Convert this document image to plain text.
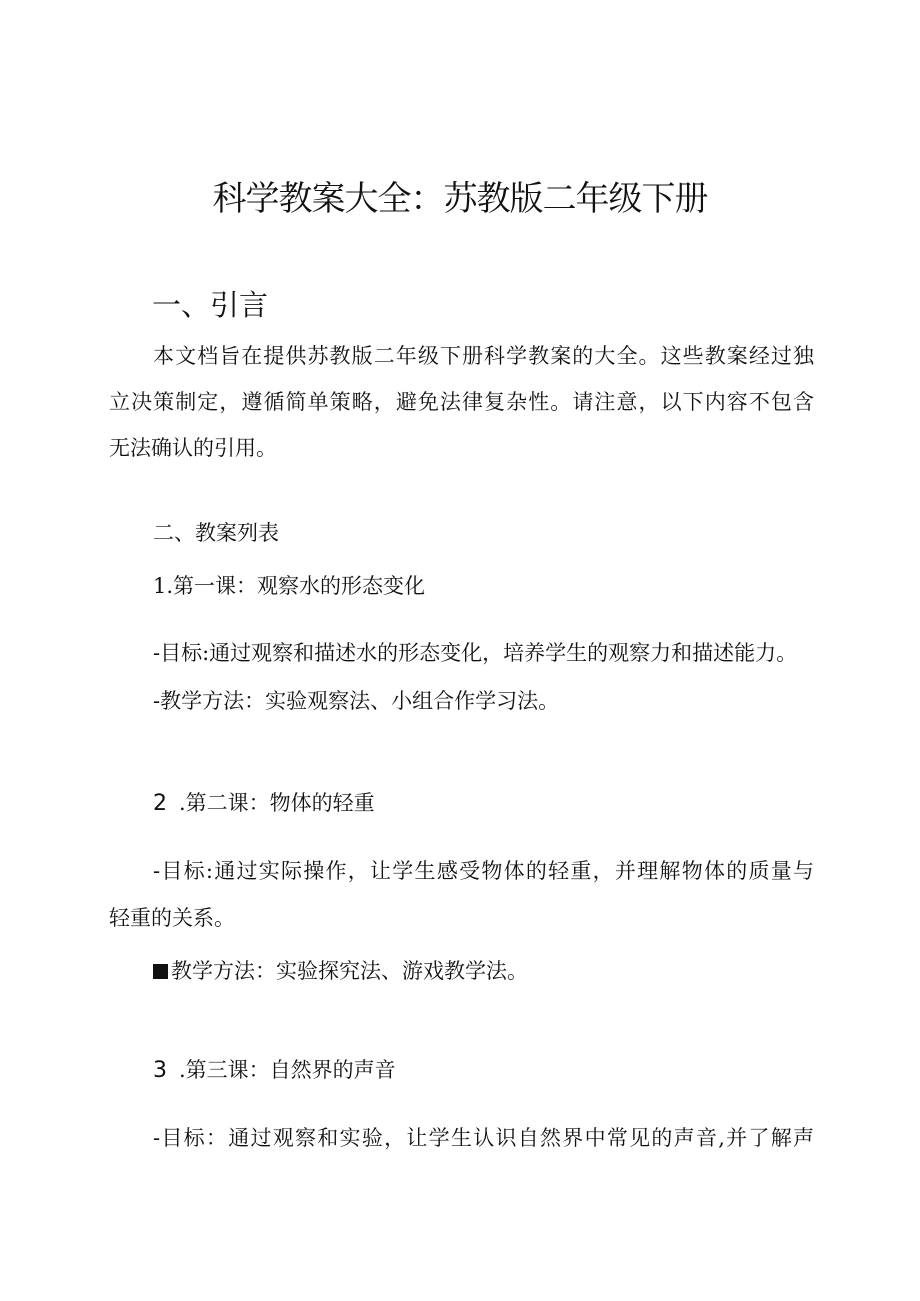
科学教案大全：苏教版二年级下册
一、引言
本文档旨在提供苏教版二年级下册科学教案的大全。这些教案经过独
立决策制定，遵循简单策略，避免法律复杂性。请注意，以下内容不包含
无法确认的引用。
二、教案列表
1.第一课：观察水的形态变化
-目标:通过观察和描述水的形态变化，培养学生的观察力和描述能力。
-教学方法：实验观察法、小组合作学习法。
2 .第二课：物体的轻重
-目标:通过实际操作，让学生感受物体的轻重，并理解物体的质量与
轻重的关系。
教学方法：实验探究法、游戏教学法。
3 .第三课：自然界的声音
-目标：通过观察和实验，让学生认识自然界中常见的声音,并了解声
